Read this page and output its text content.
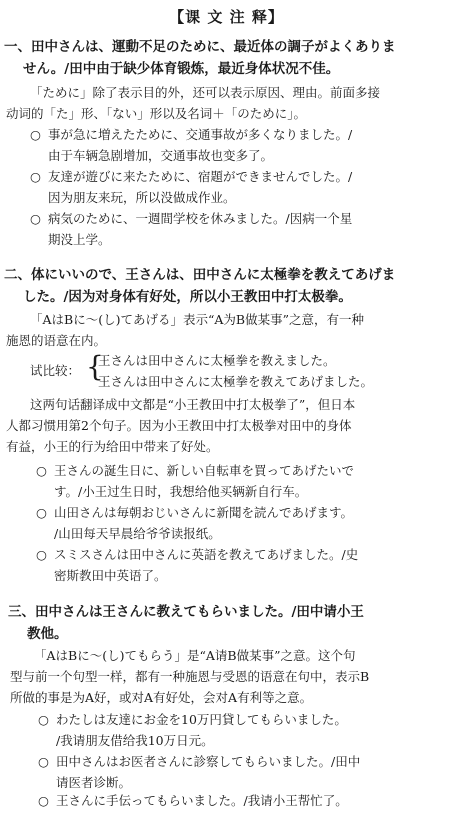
【课 文 注 释】
一、田中さんは、運動不足のために、最近体の調子がよくありま
せん。/田中由于缺少体育锻炼，最近身体状况不佳。
「ために」除了表示目的外，还可以表示原因、理由。前面多接
动词的「た」形、「ない」形以及名词＋「のために」。
○ 事が急に増えたために、交通事故が多くなりました。/
由于车辆急剧增加，交通事故也变多了。
○ 友達が遊びに来たために、宿題ができませんでした。/
因为朋友来玩，所以没做成作业。
○ 病気のために、一週間学校を休みました。/因病一个星
期没上学。
二、体にいいので、王さんは、田中さんに太極拳を教えてあげま
した。/因为对身体有好处，所以小王教田中打太极拳。
「AはBに〜(し)てあげる」表示“A为B做某事”之意，有一种
施恩的语意在内。
试比较： {
王さんは田中さんに太極拳を教えました。
王さんは田中さんに太極拳を教えてあげました。
这两句话翻译成中文都是“小王教田中打太极拳了”，但日本
人都习惯用第2个句子。因为小王教田中打太极拳对田中的身体
有益，小王的行为给田中带来了好处。
○ 王さんの誕生日に、新しい自転車を買ってあげたいで
す。/小王过生日时，我想给他买辆新自行车。
○ 山田さんは毎朝おじいさんに新聞を読んであげます。
/山田每天早晨给爷爷读报纸。
○ スミスさんは田中さんに英語を教えてあげました。/史
密斯教田中英语了。
三、田中さんは王さんに教えてもらいました。/田中请小王
教他。
「AはBに〜(し)てもらう」是“A请B做某事”之意。这个句
型与前一个句型一样，都有一种施恩与受恩的语意在句中，表示B
所做的事是为A好，或对A有好处，会对A有利等之意。
○ わたしは友達にお金を10万円貸してもらいました。
/我请朋友借给我10万日元。
○ 田中さんはお医者さんに診察してもらいました。/田中
请医者诊断。
○ 王さんに手伝ってもらいました。/我请小王帮忙了。
